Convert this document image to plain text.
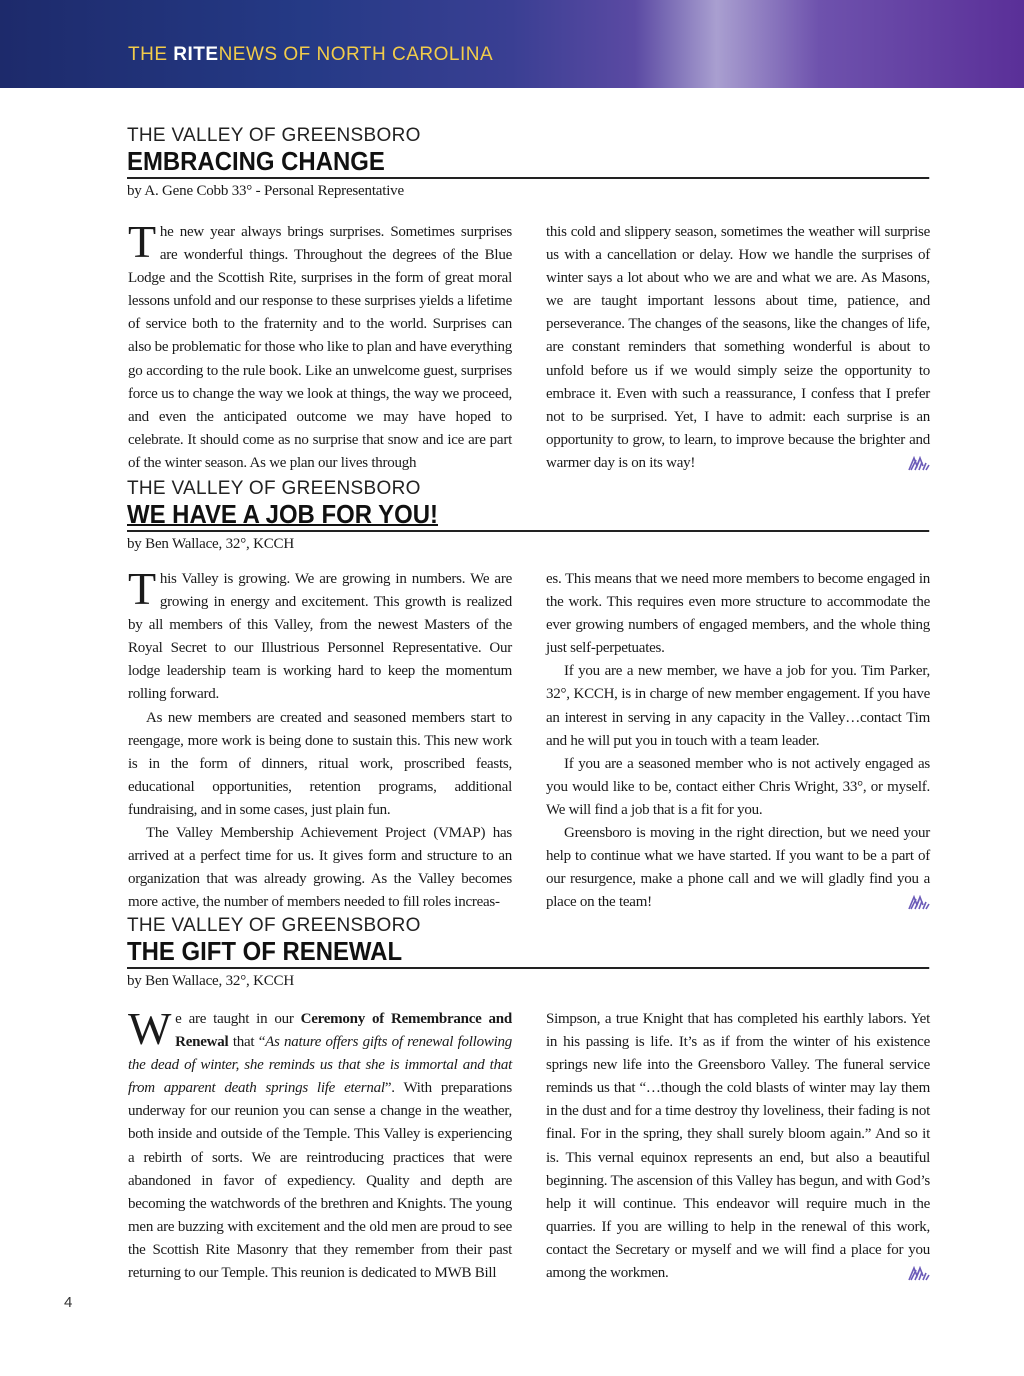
THE RITENEWS OF NORTH CAROLINA
THE VALLEY OF GREENSBORO
EMBRACING CHANGE
by A. Gene Cobb 33° - Personal Representative

The new year always brings surprises. Sometimes surprises are wonderful things. Throughout the degrees of the Blue Lodge and the Scottish Rite, surprises in the form of great moral lessons unfold and our response to these surprises yields a lifetime of service both to the fraternity and to the world. Surprises can also be problematic for those who like to plan and have everything go according to the rule book. Like an unwelcome guest, surprises force us to change the way we look at things, the way we proceed, and even the anticipated outcome we may have hoped to celebrate. It should come as no surprise that snow and ice are part of the winter season. As we plan our lives through

this cold and slippery season, sometimes the weather will surprise us with a cancellation or delay. How we handle the surprises of winter says a lot about who we are and what we are. As Masons, we are taught important lessons about time, patience, and perseverance. The changes of the seasons, like the changes of life, are constant reminders that something wonderful is about to unfold before us if we would simply seize the opportunity to embrace it. Even with such a reassurance, I confess that I prefer not to be surprised. Yet, I have to admit: each surprise is an opportunity to grow, to learn, to improve because the brighter and warmer day is on its way!

THE VALLEY OF GREENSBORO
WE HAVE A JOB FOR YOU!
by Ben Wallace, 32°, KCCH

This Valley is growing. We are growing in numbers. We are growing in energy and excitement. This growth is realized by all members of this Valley, from the newest Masters of the Royal Secret to our Illustrious Personnel Representative. Our lodge leadership team is working hard to keep the momentum rolling forward.

As new members are created and seasoned members start to reengage, more work is being done to sustain this. This new work is in the form of dinners, ritual work, proscribed feasts, educational opportunities, retention programs, additional fundraising, and in some cases, just plain fun.

The Valley Membership Achievement Project (VMAP) has arrived at a perfect time for us. It gives form and structure to an organization that was already growing. As the Valley becomes more active, the number of members needed to fill roles increas-

es. This means that we need more members to become engaged in the work. This requires even more structure to accommodate the ever growing numbers of engaged members, and the whole thing just self-perpetuates.

If you are a new member, we have a job for you. Tim Parker, 32°, KCCH, is in charge of new member engagement. If you have an interest in serving in any capacity in the Valley…contact Tim and he will put you in touch with a team leader.

If you are a seasoned member who is not actively engaged as you would like to be, contact either Chris Wright, 33°, or myself. We will find a job that is a fit for you.

Greensboro is moving in the right direction, but we need your help to continue what we have started. If you want to be a part of our resurgence, make a phone call and we will gladly find you a place on the team!

THE VALLEY OF GREENSBORO
THE GIFT OF RENEWAL
by Ben Wallace, 32°, KCCH

We are taught in our Ceremony of Remembrance and Renewal that “As nature offers gifts of renewal following the dead of winter, she reminds us that she is immortal and that from apparent death springs life eternal”. With preparations underway for our reunion you can sense a change in the weather, both inside and outside of the Temple. This Valley is experiencing a rebirth of sorts. We are reintroducing practices that were abandoned in favor of expediency. Quality and depth are becoming the watchwords of the brethren and Knights. The young men are buzzing with excitement and the old men are proud to see the Scottish Rite Masonry that they remember from their past returning to our Temple. This reunion is dedicated to MWB Bill

Simpson, a true Knight that has completed his earthly labors. Yet in his passing is life. It’s as if from the winter of his existence springs new life into the Greensboro Valley. The funeral service reminds us that “…though the cold blasts of winter may lay them in the dust and for a time destroy thy loveliness, their fading is not final. For in the spring, they shall surely bloom again.” And so it is. This vernal equinox represents an end, but also a beautiful beginning. The ascension of this Valley has begun, and with God’s help it will continue. This endeavor will require much in the quarries. If you are willing to help in the renewal of this work, contact the Secretary or myself and we will find a place for you among the workmen.

4
